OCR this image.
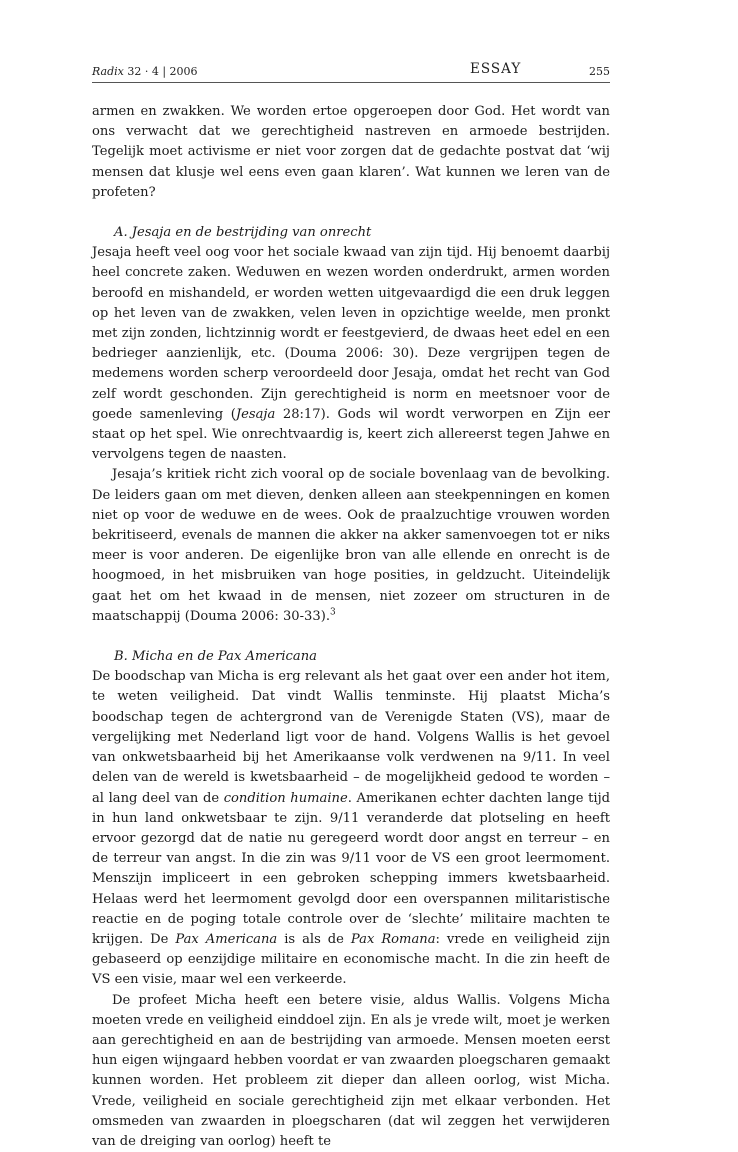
Radix 32 · 4 | 2006	ESSAY	255

armen en zwakken. We worden ertoe opgeroepen door God. Het wordt van ons verwacht dat we gerechtigheid nastreven en armoede bestrijden. Tegelijk moet activisme er niet voor zorgen dat de gedachte postvat dat ‘wij mensen dat klusje wel eens even gaan klaren’. Wat kunnen we leren van de profeten?

A. Jesaja en de bestrijding van onrecht

Jesaja heeft veel oog voor het sociale kwaad van zijn tijd. Hij benoemt daarbij heel concrete zaken. Weduwen en wezen worden onderdrukt, armen worden beroofd en mishandeld, er worden wetten uitgevaardigd die een druk leggen op het leven van de zwakken, velen leven in opzichtige weelde, men pronkt met zijn zonden, lichtzinnig wordt er feestgevierd, de dwaas heet edel en een bedrieger aanzienlijk, etc. (Douma 2006: 30). Deze vergrijpen tegen de medemens worden scherp veroordeeld door Jesaja, omdat het recht van God zelf wordt geschonden. Zijn gerechtigheid is norm en meetsnoer voor de goede samenleving (Jesaja 28:17). Gods wil wordt verworpen en Zijn eer staat op het spel. Wie onrechtvaardig is, keert zich allereerst tegen Jahwe en vervolgens tegen de naasten.

Jesaja’s kritiek richt zich vooral op de sociale bovenlaag van de bevolking. De leiders gaan om met dieven, denken alleen aan steekpenningen en komen niet op voor de weduwe en de wees. Ook de praalzuchtige vrouwen worden bekritiseerd, evenals de mannen die akker na akker samenvoegen tot er niks meer is voor anderen. De eigenlijke bron van alle ellende en onrecht is de hoogmoed, in het misbruiken van hoge posities, in geldzucht. Uiteindelijk gaat het om het kwaad in de mensen, niet zozeer om structuren in de maatschappij (Douma 2006: 30-33).$^3$

B. Micha en de Pax Americana

De boodschap van Micha is erg relevant als het gaat over een ander hot item, te weten veiligheid. Dat vindt Wallis tenminste. Hij plaatst Micha’s boodschap tegen de achtergrond van de Verenigde Staten (VS), maar de vergelijking met Nederland ligt voor de hand. Volgens Wallis is het gevoel van onkwetsbaarheid bij het Amerikaanse volk verdwenen na 9/11. In veel delen van de wereld is kwetsbaarheid – de mogelijkheid gedood te worden – al lang deel van de condition humaine. Amerikanen echter dachten lange tijd in hun land onkwetsbaar te zijn. 9/11 veranderde dat plotseling en heeft ervoor gezorgd dat de natie nu geregeerd wordt door angst en terreur – en de terreur van angst. In die zin was 9/11 voor de VS een groot leermoment. Menszijn impliceert in een gebroken schepping immers kwetsbaarheid. Helaas werd het leermoment gevolgd door een overspannen militaristische reactie en de poging totale controle over de ‘slechte’ militaire machten te krijgen. De Pax Americana is als de Pax Romana: vrede en veiligheid zijn gebaseerd op eenzijdige militaire en economische macht. In die zin heeft de VS een visie, maar wel een verkeerde.

De profeet Micha heeft een betere visie, aldus Wallis. Volgens Micha moeten vrede en veiligheid einddoel zijn. En als je vrede wilt, moet je werken aan gerechtigheid en aan de bestrijding van armoede. Mensen moeten eerst hun eigen wijngaard hebben voordat er van zwaarden ploegscharen gemaakt kunnen worden. Het probleem zit dieper dan alleen oorlog, wist Micha. Vrede, veiligheid en sociale gerechtigheid zijn met elkaar verbonden. Het omsmeden van zwaarden in ploegscharen (dat wil zeggen het verwijderen van de dreiging van oorlog) heeft te
